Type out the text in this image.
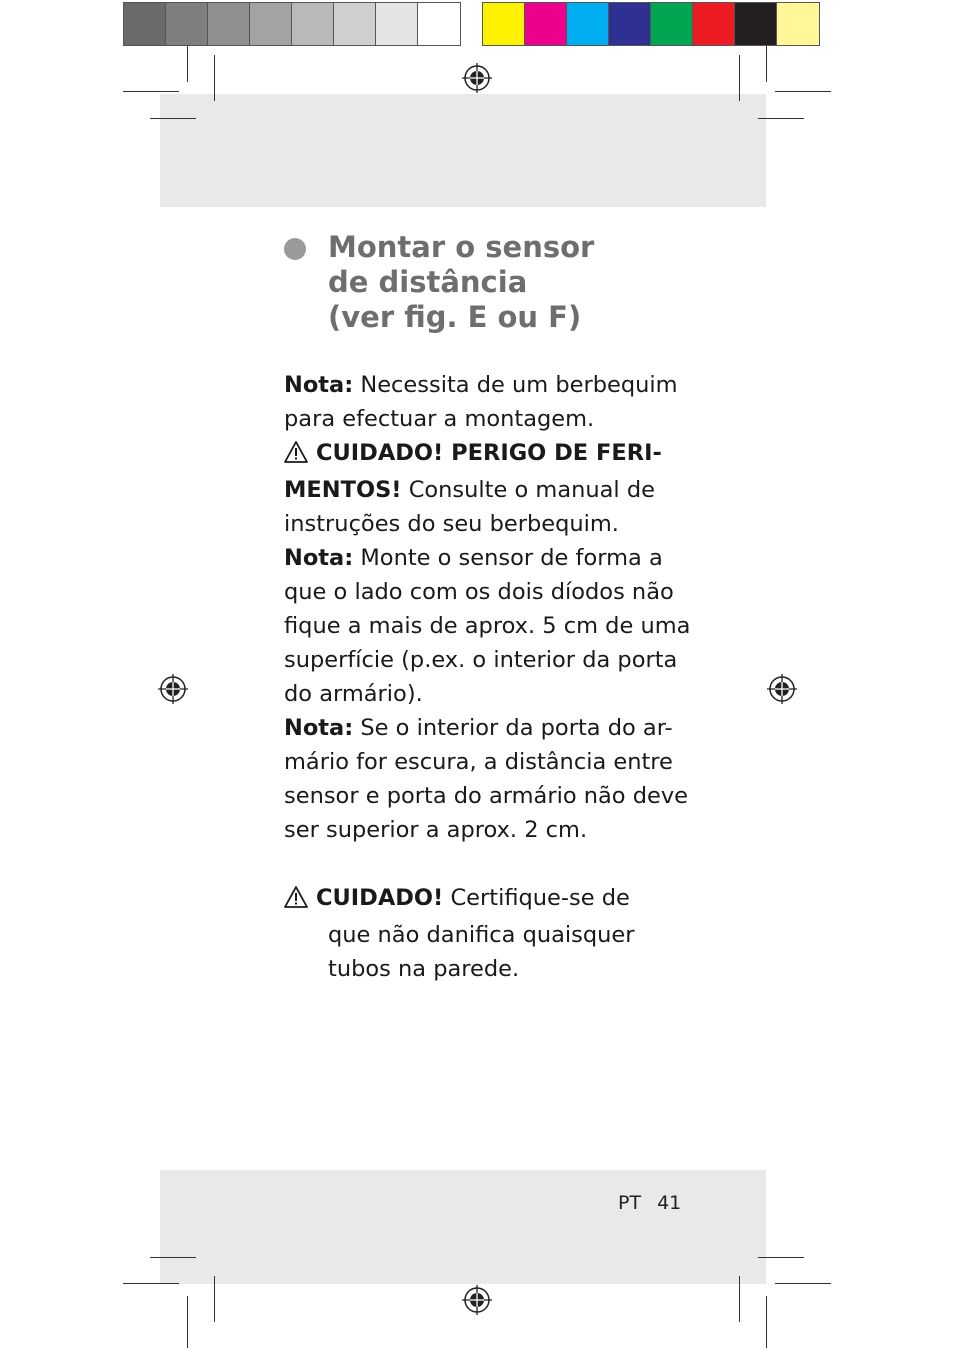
Montar o sensor
de distância
(ver fig. E ou F)
Nota: Necessita de um berbequim
para efectuar a montagem.
CUIDADO! PERIGO DE FERI-
MENTOS! Consulte o manual de
instruções do seu berbequim.
Nota: Monte o sensor de forma a
que o lado com os dois díodos não
fique a mais de aprox. 5 cm de uma
superfície (p.ex. o interior da porta
do armário).
Nota: Se o interior da porta do ar-
mário for escura, a distância entre
sensor e porta do armário não deve
ser superior a aprox. 2 cm.
CUIDADO! Certifique-se de
que não danifica quaisquer
tubos na parede.
PT 41
